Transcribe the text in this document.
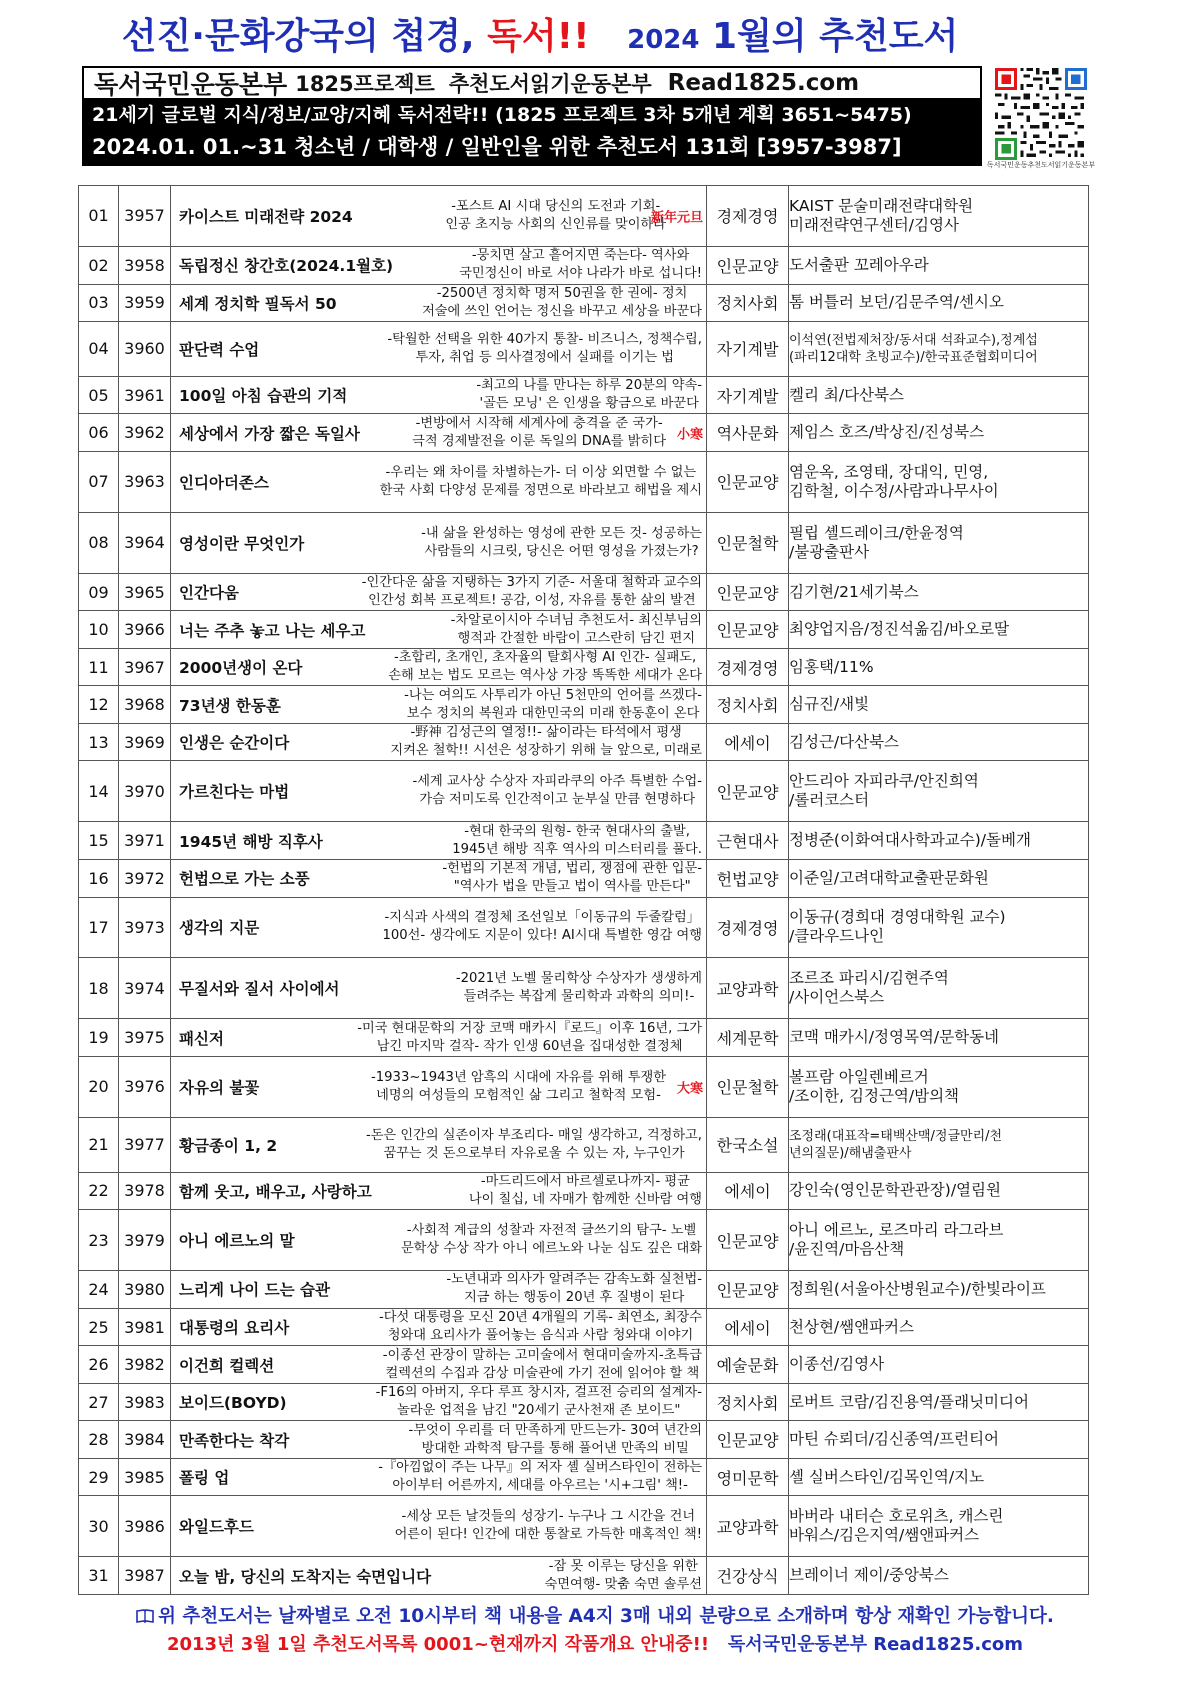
선진·문화강국의 첩경, 독서!! 2024 1월의 추천도서
독서국민운동본부 1825프로젝트 추천도서읽기운동본부 Read1825.com
21세기 글로벌 지식/정보/교양/지혜 독서전략!! (1825 프로젝트 3차 5개년 계획 3651~5475)
2024.01. 01.~31 청소년 / 대학생 / 일반인을 위한 추천도서 131회 [3957-3987]
독서국민운동추천도서읽기운동본부
01	3957	카이스트 미래전략 2024
-포스트 AI 시대 당신의 도전과 기회-
인공 초지능 사회의 신인류를 맞이하라
新年元旦	경제경영	KAIST 문술미래전략대학원
미래전략연구센터/김영사
02	3958	독립정신 창간호(2024.1월호)
-뭉치면 살고 흩어지면 죽는다- 역사와
국민정신이 바로 서야 나라가 바로 섭니다!	인문교양	도서출판 꼬레아우라

03	3959	세계 정치학 필독서 50
-2500년 정치학 명저 50권을 한 권에- 정치
저술에 쓰인 언어는 정신을 바꾸고 세상을 바꾼다	정치사회	톰 버틀러 보던/김문주역/센시오

04	3960	판단력 수업
-탁월한 선택을 위한 40가지 통찰- 비즈니스, 정책수립,
투자, 취업 등 의사결정에서 실패를 이기는 법	자기계발	이석연(전법제처장/동서대 석좌교수),정계섭
(파리12대학 초빙교수)/한국표준협회미디어
05	3961	100일 아침 습관의 기적
-최고의 나를 만나는 하루 20분의 약속-
'골든 모닝' 은 인생을 황금으로 바꾼다	자기계발	켈리 최/다산북스

06	3962	세상에서 가장 짧은 독일사
-변방에서 시작해 세계사에 충격을 준 국가-
극적 경제발전을 이룬 독일의 DNA를 밝히다 小寒	역사문화	제임스 호즈/박상진/진성북스

07	3963	인디아더존스
-우리는 왜 차이를 차별하는가- 더 이상 외면할 수 없는
한국 사회 다양성 문제를 정면으로 바라보고 해법을 제시	인문교양	염운옥, 조영태, 장대익, 민영,
김학철, 이수정/사람과나무사이
08	3964	영성이란 무엇인가
-내 삶을 완성하는 영성에 관한 모든 것- 성공하는
사람들의 시크릿, 당신은 어떤 영성을 가졌는가?	인문철학	필립 셸드레이크/한윤정역
/불광출판사
09	3965	인간다움
-인간다운 삶을 지탱하는 3가지 기준- 서울대 철학과 교수의
인간성 회복 프로젝트! 공감, 이성, 자유를 통한 삶의 발견	인문교양	김기현/21세기북스

10	3966	너는 주추 놓고 나는 세우고
-차알로이시아 수녀님 추천도서- 최신부님의
행적과 간절한 바람이 고스란히 담긴 편지	인문교양	최양업지음/정진석옮김/바오로딸

11	3967	2000년생이 온다
-초합리, 초개인, 초자율의 탈회사형 AI 인간- 실패도,
손해 보는 법도 모르는 역사상 가장 똑똑한 세대가 온다	경제경영	임홍택/11%

12	3968	73년생 한동훈
-나는 여의도 사투리가 아닌 5천만의 언어를 쓰겠다-
보수 정치의 복원과 대한민국의 미래 한동훈이 온다	정치사회	심규진/새빛

13	3969	인생은 순간이다
-野神 김성근의 열정!!- 삶이라는 타석에서 평생
지켜온 철학!! 시선은 성장하기 위해 늘 앞으로, 미래로	에세이	김성근/다산북스

14	3970	가르친다는 마법
-세계 교사상 수상자 자피라쿠의 아주 특별한 수업-
가슴 저미도록 인간적이고 눈부실 만큼 현명하다	인문교양	안드리아 자피라쿠/안진희역
/롤러코스터
15	3971	1945년 해방 직후사
-현대 한국의 원형- 한국 현대사의 출발,
1945년 해방 직후 역사의 미스터리를 풀다.	근현대사	정병준(이화여대사학과교수)/돌베개

16	3972	헌법으로 가는 소풍
-헌법의 기본적 개념, 법리, 쟁점에 관한 입문-
"역사가 법을 만들고 법이 역사를 만든다"	헌법교양	이준일/고려대학교출판문화원

17	3973	생각의 지문
-지식과 사색의 결정체 조선일보「이동규의 두줄칼럼」
100선- 생각에도 지문이 있다! AI시대 특별한 영감 여행	경제경영	이동규(경희대 경영대학원 교수)
/클라우드나인
18	3974	무질서와 질서 사이에서
-2021년 노벨 물리학상 수상자가 생생하게
들려주는 복잡계 물리학과 과학의 의미!-	교양과학	조르조 파리시/김현주역
/사이언스북스
19	3975	패신저
-미국 현대문학의 거장 코맥 매카시『로드』이후 16년, 그가
남긴 마지막 걸작- 작가 인생 60년을 집대성한 결정체	세계문학	코맥 매카시/정영목역/문학동네

20	3976	자유의 불꽃
-1933~1943년 암흑의 시대에 자유를 위해 투쟁한
네명의 여성들의 모험적인 삶 그리고 철학적 모험- 大寒	인문철학	볼프람 아일렌베르거
/조이한, 김정근역/밤의책
21	3977	황금종이 1, 2
-돈은 인간의 실존이자 부조리다- 매일 생각하고, 걱정하고,
꿈꾸는 것 돈으로부터 자유로울 수 있는 자, 누구인가	한국소설	조정래(대표작=태백산맥/정글만리/천
년의질문)/해냄출판사
22	3978	함께 웃고, 배우고, 사랑하고
-마드리드에서 바르셀로나까지- 평균
나이 칠십, 네 자매가 함께한 신바람 여행	에세이	강인숙(영인문학관관장)/열림원

23	3979	아니 에르노의 말
-사회적 계급의 성찰과 자전적 글쓰기의 탐구- 노벨
문학상 수상 작가 아니 에르노와 나눈 심도 깊은 대화	인문교양	아니 에르노, 로즈마리 라그라브
/윤진역/마음산책
24	3980	느리게 나이 드는 습관
-노년내과 의사가 알려주는 감속노화 실천법-
지금 하는 행동이 20년 후 질병이 된다	인문교양	정희원(서울아산병원교수)/한빛라이프

25	3981	대통령의 요리사
-다섯 대통령을 모신 20년 4개월의 기록- 최연소, 최장수
청와대 요리사가 풀어놓는 음식과 사람 청와대 이야기	에세이	천상현/쌤앤파커스

26	3982	이건희 컬렉션
-이종선 관장이 말하는 고미술에서 현대미술까지-초특급
컬렉션의 수집과 감상 미술관에 가기 전에 읽어야 할 책	예술문화	이종선/김영사

27	3983	보이드(BOYD)
-F16의 아버지, 우다 루프 창시자, 걸프전 승리의 설계자-
놀라운 업적을 남긴 "20세기 군사천재 존 보이드"	정치사회	로버트 코람/김진용역/플래닛미디어

28	3984	만족한다는 착각
-무엇이 우리를 더 만족하게 만드는가- 30여 년간의
방대한 과학적 탐구를 통해 풀어낸 만족의 비밀	인문교양	마틴 슈뢰더/김신종역/프런티어

29	3985	폴링 업
-『아낌없이 주는 나무』의 저자 셸 실버스타인이 전하는
아이부터 어른까지, 세대를 아우르는 '시+그림' 책!-	영미문학	셸 실버스타인/김목인역/지노

30	3986	와일드후드
-세상 모든 날것들의 성장기- 누구나 그 시간을 건너
어른이 된다! 인간에 대한 통찰로 가득한 매혹적인 책!	교양과학	바버라 내터슨 호로위츠, 캐스린
바워스/김은지역/쌤앤파커스
31	3987	오늘 밤, 당신의 도착지는 숙면입니다
-잠 못 이루는 당신을 위한
숙면여행- 맞춤 숙면 솔루션	건강상식	브레이너 제이/중앙북스

위 추천도서는 날짜별로 오전 10시부터 책 내용을 A4지 3매 내외 분량으로 소개하며 항상 재확인 가능합니다.
2013년 3월 1일 추천도서목록 0001~현재까지 작품개요 안내중!! 독서국민운동본부 Read1825.com
